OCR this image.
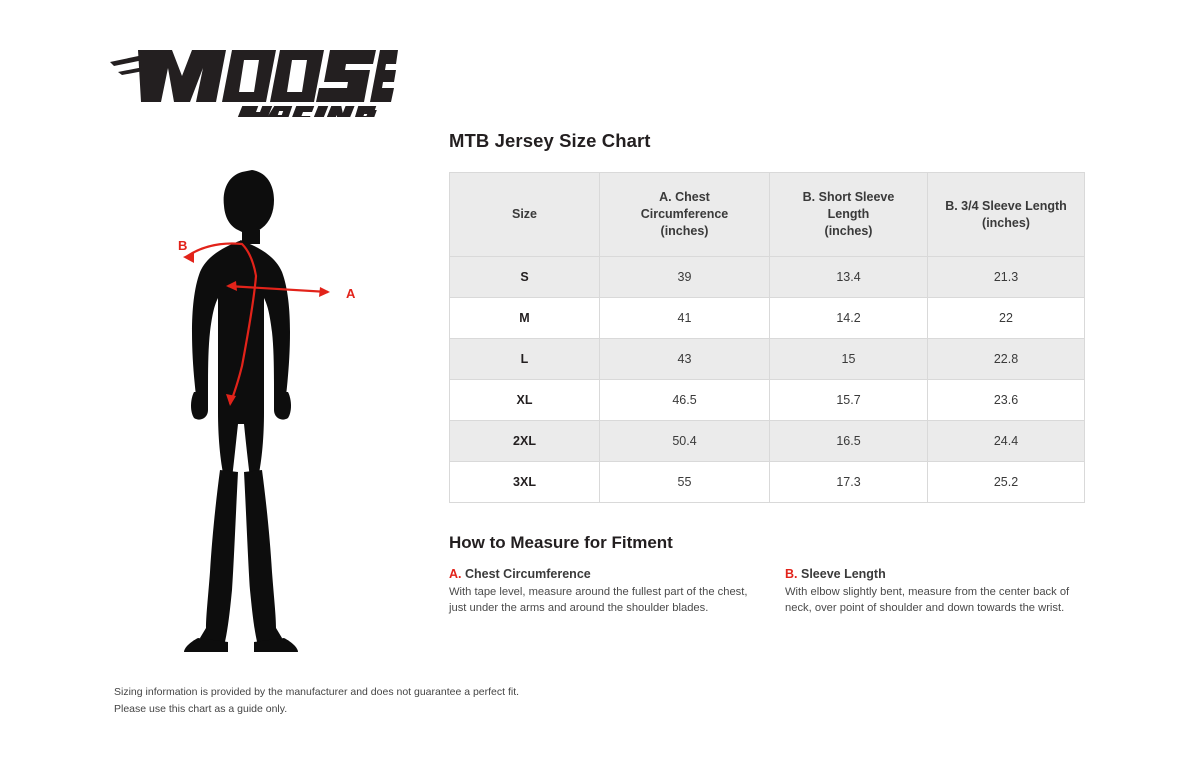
B
A
MTB Jersey Size Chart
Size	A. Chest
Circumference
(inches)	B. Short Sleeve
Length
(inches)	B. 3/4 Sleeve Length
(inches)
S	39	13.4	21.3
M	41	14.2	22
L	43	15	22.8
XL	46.5	15.7	23.6
2XL	50.4	16.5	24.4
3XL	55	17.3	25.2
How to Measure for Fitment
A. Chest Circumference

With tape level, measure around the fullest part of the chest,
just under the arms and around the shoulder blades.

B. Sleeve Length

With elbow slightly bent, measure from the center back of
neck, over point of shoulder and down towards the wrist.

Sizing information is provided by the manufacturer and does not guarantee a perfect fit.
Please use this chart as a guide only.
